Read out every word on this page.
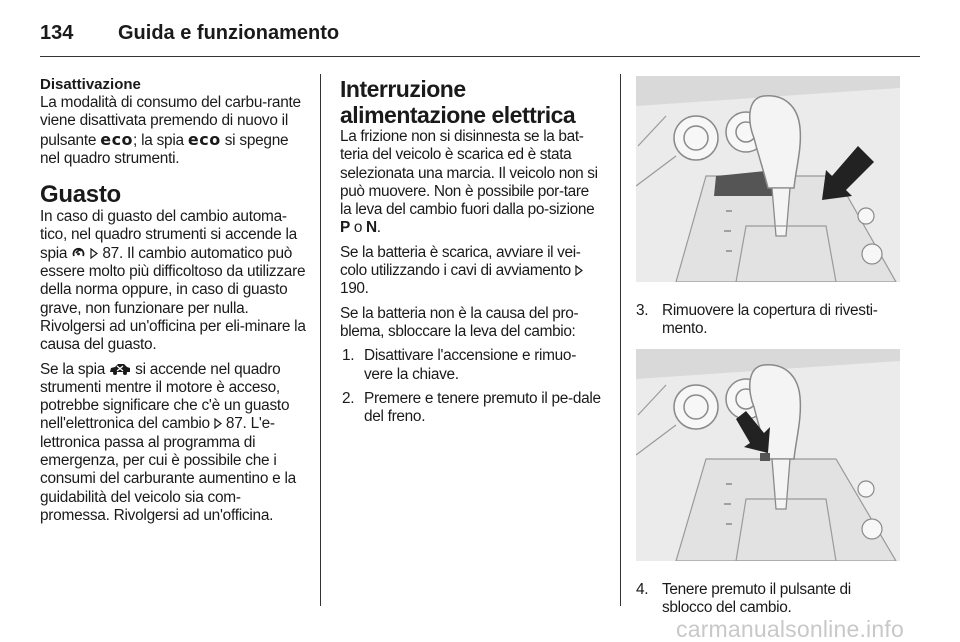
134 Guida e funzionamento
Disattivazione

La modalità di consumo del carbu-rante viene disattivata premendo di nuovo il pulsante eco; la spia eco si spegne nel quadro strumenti.

Guasto

In caso di guasto del cambio automa-tico, nel quadro strumenti si accende la spia   87. Il cambio automatico può essere molto più difficoltoso da utilizzare della norma oppure, in caso di guasto grave, non funzionare per nulla. Rivolgersi ad un'officina per eli-minare la causa del guasto.

Se la spia  si accende nel quadro strumenti mentre il motore è acceso, potrebbe significare che c'è un guasto nell'elettronica del cambio  87. L'e-lettronica passa al programma di emergenza, per cui è possibile che i consumi del carburante aumentino e la guidabilità del veicolo sia com-promessa. Rivolgersi ad un'officina.

Interruzione alimentazione elettrica

La frizione non si disinnesta se la bat-teria del veicolo è scarica ed è stata selezionata una marcia. Il veicolo non si può muovere. Non è possibile por-tare la leva del cambio fuori dalla po-sizione P o N.

Se la batteria è scarica, avviare il vei-colo utilizzando i cavi di avviamento  190.

Se la batteria non è la causa del pro-blema, sbloccare la leva del cambio:

1. Disattivare l'accensione e rimuo-vere la chiave.
2. Premere e tenere premuto il pe-dale del freno.
3. Rimuovere la copertura di rivesti-mento.
4. Tenere premuto il pulsante di sblocco del cambio.
carmanualsonline.info
